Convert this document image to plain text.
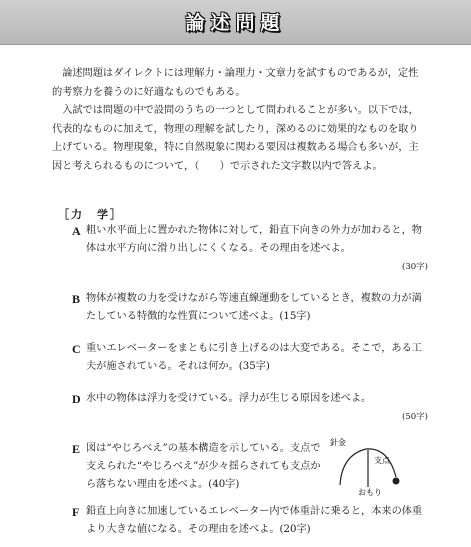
論述問題

論述問題はダイレクトには理解力・論理力・文章力を試すものであるが，定性的考察力を養うのに好適なものでもある。

入試では問題の中で設問のうちの一つとして問われることが多い。以下では，代表的なものに加えて，物理の理解を試したり，深めるのに効果的なものを取り上げている。物理現象，特に自然現象に関わる要因は複数ある場合も多いが，主因と考えられるものについて，（　　）で示された文字数以内で答えよ。

［力　学］
A 粗い水平面上に置かれた物体に対して，鉛直下向きの外力が加わると，物体は水平方向に滑り出しにくくなる。その理由を述べよ。
(30字)
B 物体が複数の力を受けながら等速直線運動をしているとき，複数の力が満たしている特徴的な性質について述べよ。(15字)
C 重いエレベーターをまともに引き上げるのは大変である。そこで，ある工夫が施されている。それは何か。(35字)
D 水中の物体は浮力を受けている。浮力が生じる原因を述べよ。
(50字)
E 図は“やじろべえ”の基本構造を示している。支点で支えられた“やじろべえ”が少々揺らされても支点から落ちない理由を述べよ。(40字)
針金
支点
おもり
F 鉛直上向きに加速しているエレベーター内で体重計に乗ると，本来の体重より大きな値になる。その理由を述べよ。(20字)
